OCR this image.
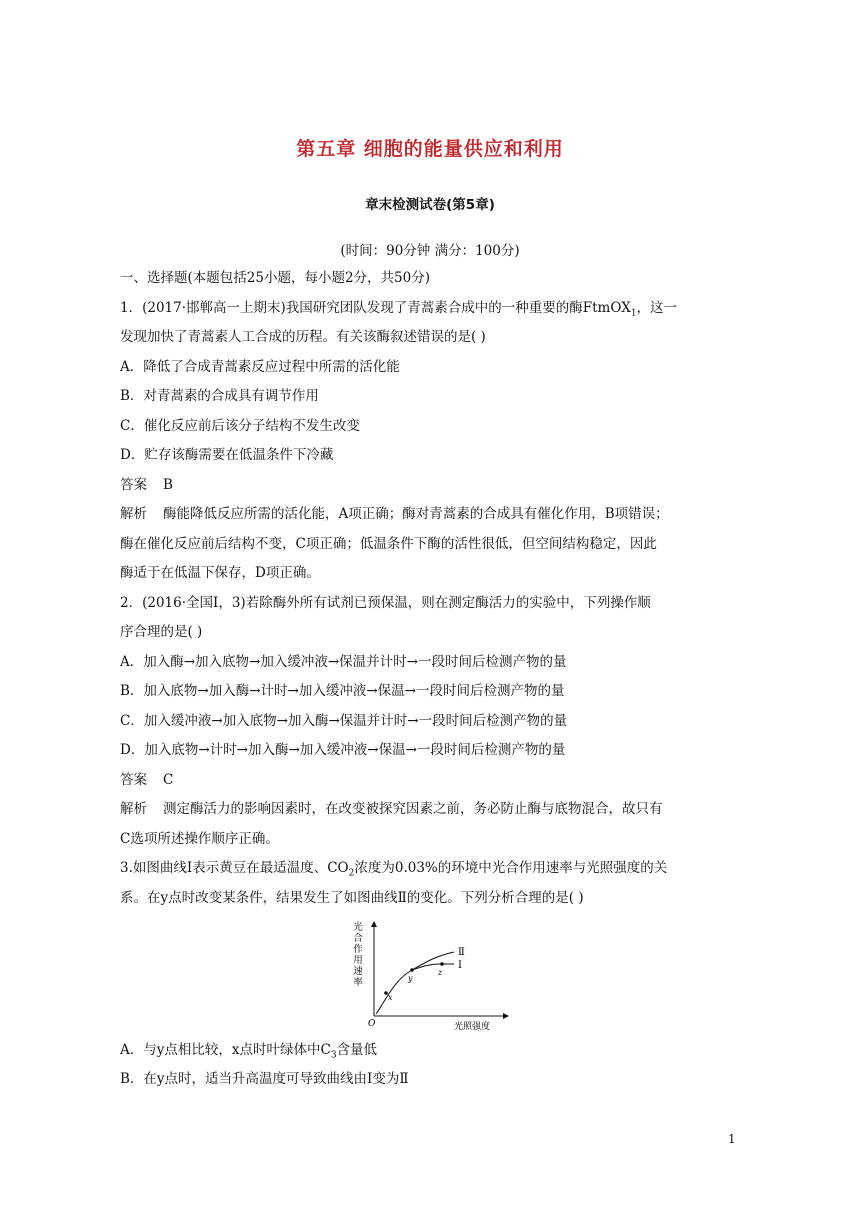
第五章 细胞的能量供应和利用
章末检测试卷(第5章)
(时间：90分钟 满分：100分)
一、选择题(本题包括25小题，每小题2分，共50分)
1．(2017·邯郸高一上期末)我国研究团队发现了青蒿素合成中的一种重要的酶FtmOX$_1$，这一
发现加快了青蒿素人工合成的历程。有关该酶叙述错误的是( )
A．降低了合成青蒿素反应过程中所需的活化能
B．对青蒿素的合成具有调节作用
C．催化反应前后该分子结构不发生改变
D．贮存该酶需要在低温条件下冷藏
答案 B
解析 酶能降低反应所需的活化能，A项正确；酶对青蒿素的合成具有催化作用，B项错误；
酶在催化反应前后结构不变，C项正确；低温条件下酶的活性很低，但空间结构稳定，因此
酶适于在低温下保存，D项正确。
2．(2016·全国Ⅰ，3)若除酶外所有试剂已预保温，则在测定酶活力的实验中，下列操作顺
序合理的是( )
A．加入酶→加入底物→加入缓冲液→保温并计时→一段时间后检测产物的量
B．加入底物→加入酶→计时→加入缓冲液→保温→一段时间后检测产物的量
C．加入缓冲液→加入底物→加入酶→保温并计时→一段时间后检测产物的量
D．加入底物→计时→加入酶→加入缓冲液→保温→一段时间后检测产物的量
答案 C
解析 测定酶活力的影响因素时，在改变被探究因素之前，务必防止酶与底物混合，故只有
C选项所述操作顺序正确。
3.如图曲线Ⅰ表示黄豆在最适温度、$CO_2$浓度为0.03%的环境中光合作用速率与光照强度的关
系。在y点时改变某条件，结果发生了如图曲线Ⅱ的变化。下列分析合理的是( )
光
合
作
用
速
率
O	光照强度
Ⅱ
Ⅰ
x
y
z
A．与y点相比较，x点时叶绿体中$C_3$含量低
B．在y点时，适当升高温度可导致曲线由Ⅰ变为Ⅱ
1
